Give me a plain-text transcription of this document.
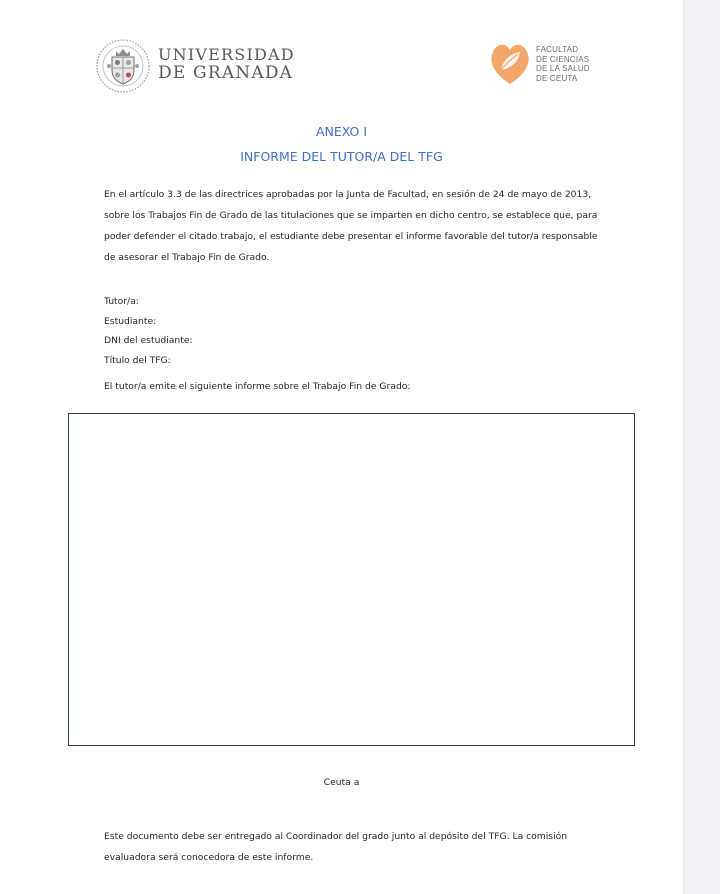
UNIVERSIDAD
DE GRANADA
FACULTAD
DE CIENCIAS
DE LA SALUD
DE CEUTA
ANEXO I
INFORME DEL TUTOR/A DEL TFG

En el artículo 3.3 de las directrices aprobadas por la Junta de Facultad, en sesión de 24 de mayo de 2013, sobre los Trabajos Fin de Grado de las titulaciones que se imparten en dicho centro, se establece que, para poder defender el citado trabajo, el estudiante debe presentar el informe favorable del tutor/a responsable de asesorar el Trabajo Fin de Grado.

Tutor/a:
Estudiante:
DNI del estudiante:
Título del TFG:

El tutor/a emite el siguiente informe sobre el Trabajo Fin de Grado:

Ceuta a

Este documento debe ser entregado al Coordinador del grado junto al depósito del TFG. La comisión evaluadora será conocedora de este informe.
